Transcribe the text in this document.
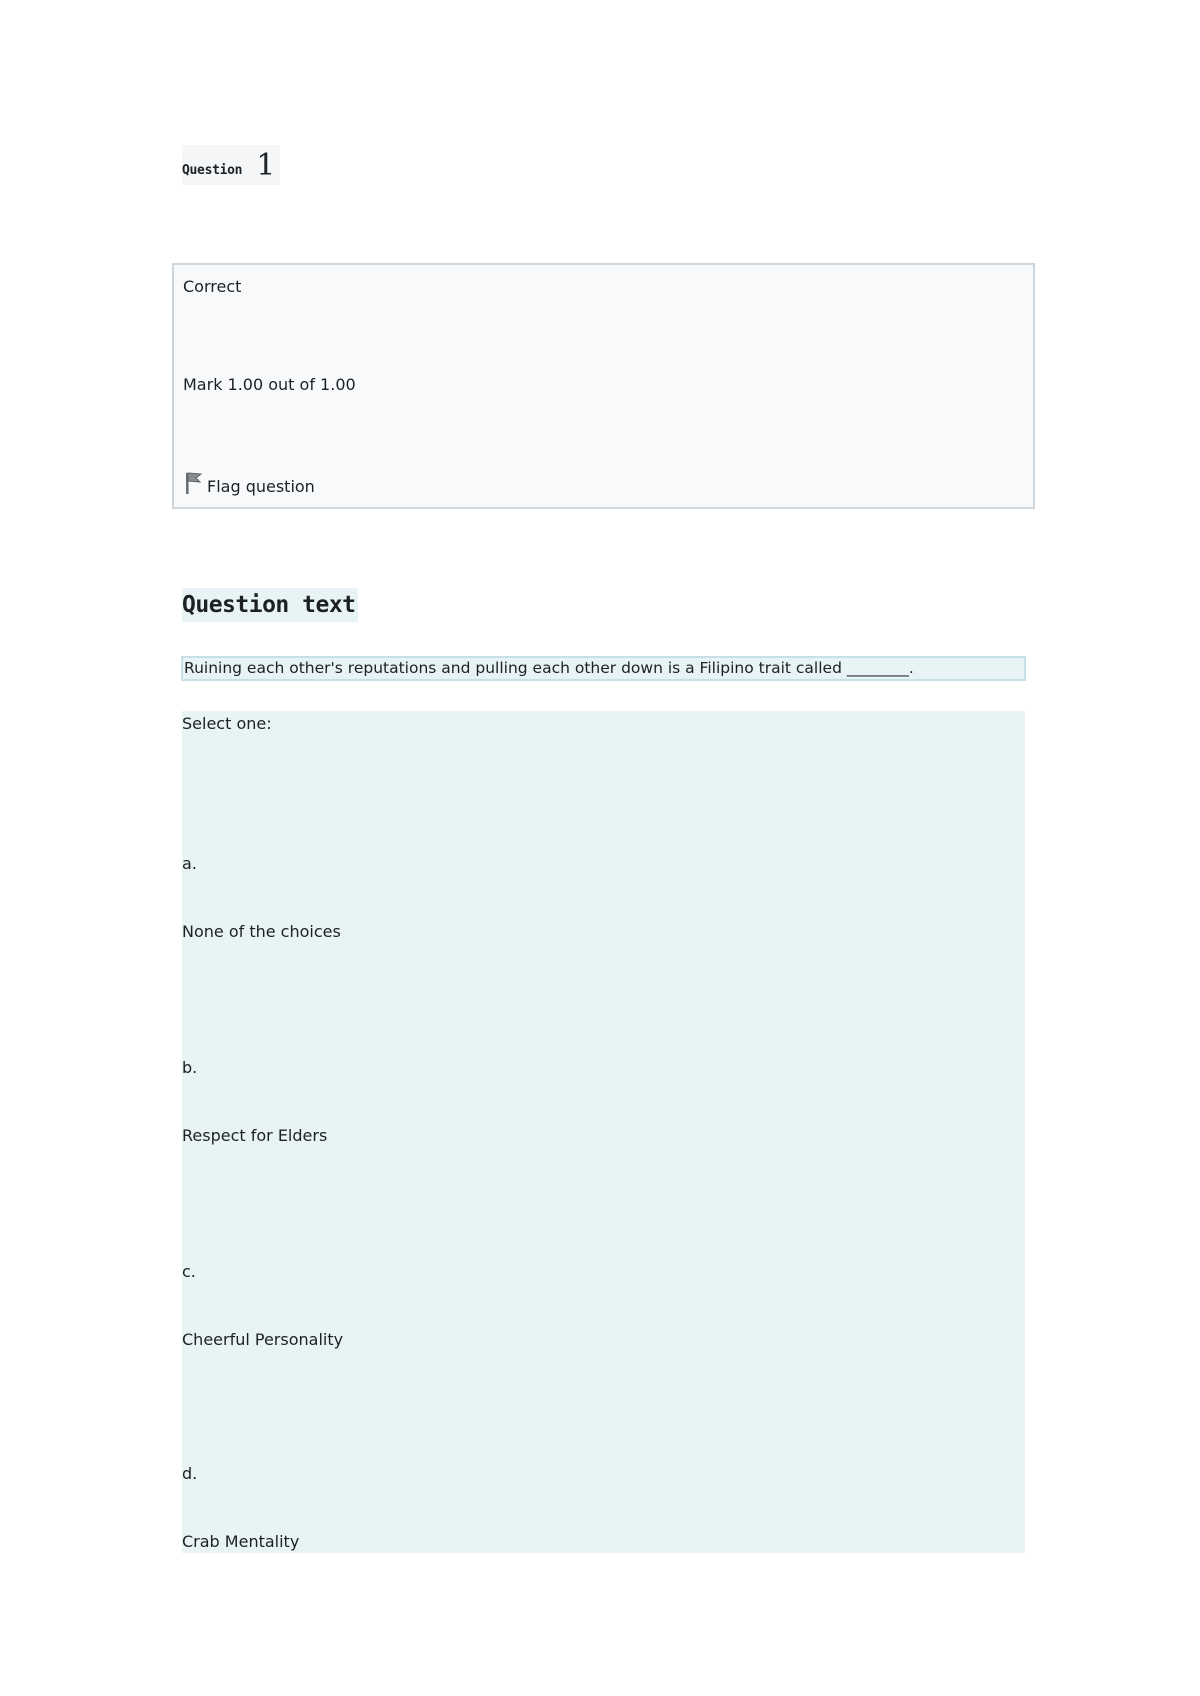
Question 1
Correct
Mark 1.00 out of 1.00
Flag question
Question text
Ruining each other's reputations and pulling each other down is a Filipino trait called ________.
Select one:
a.
None of the choices
b.
Respect for Elders
c.
Cheerful Personality
d.
Crab Mentality
